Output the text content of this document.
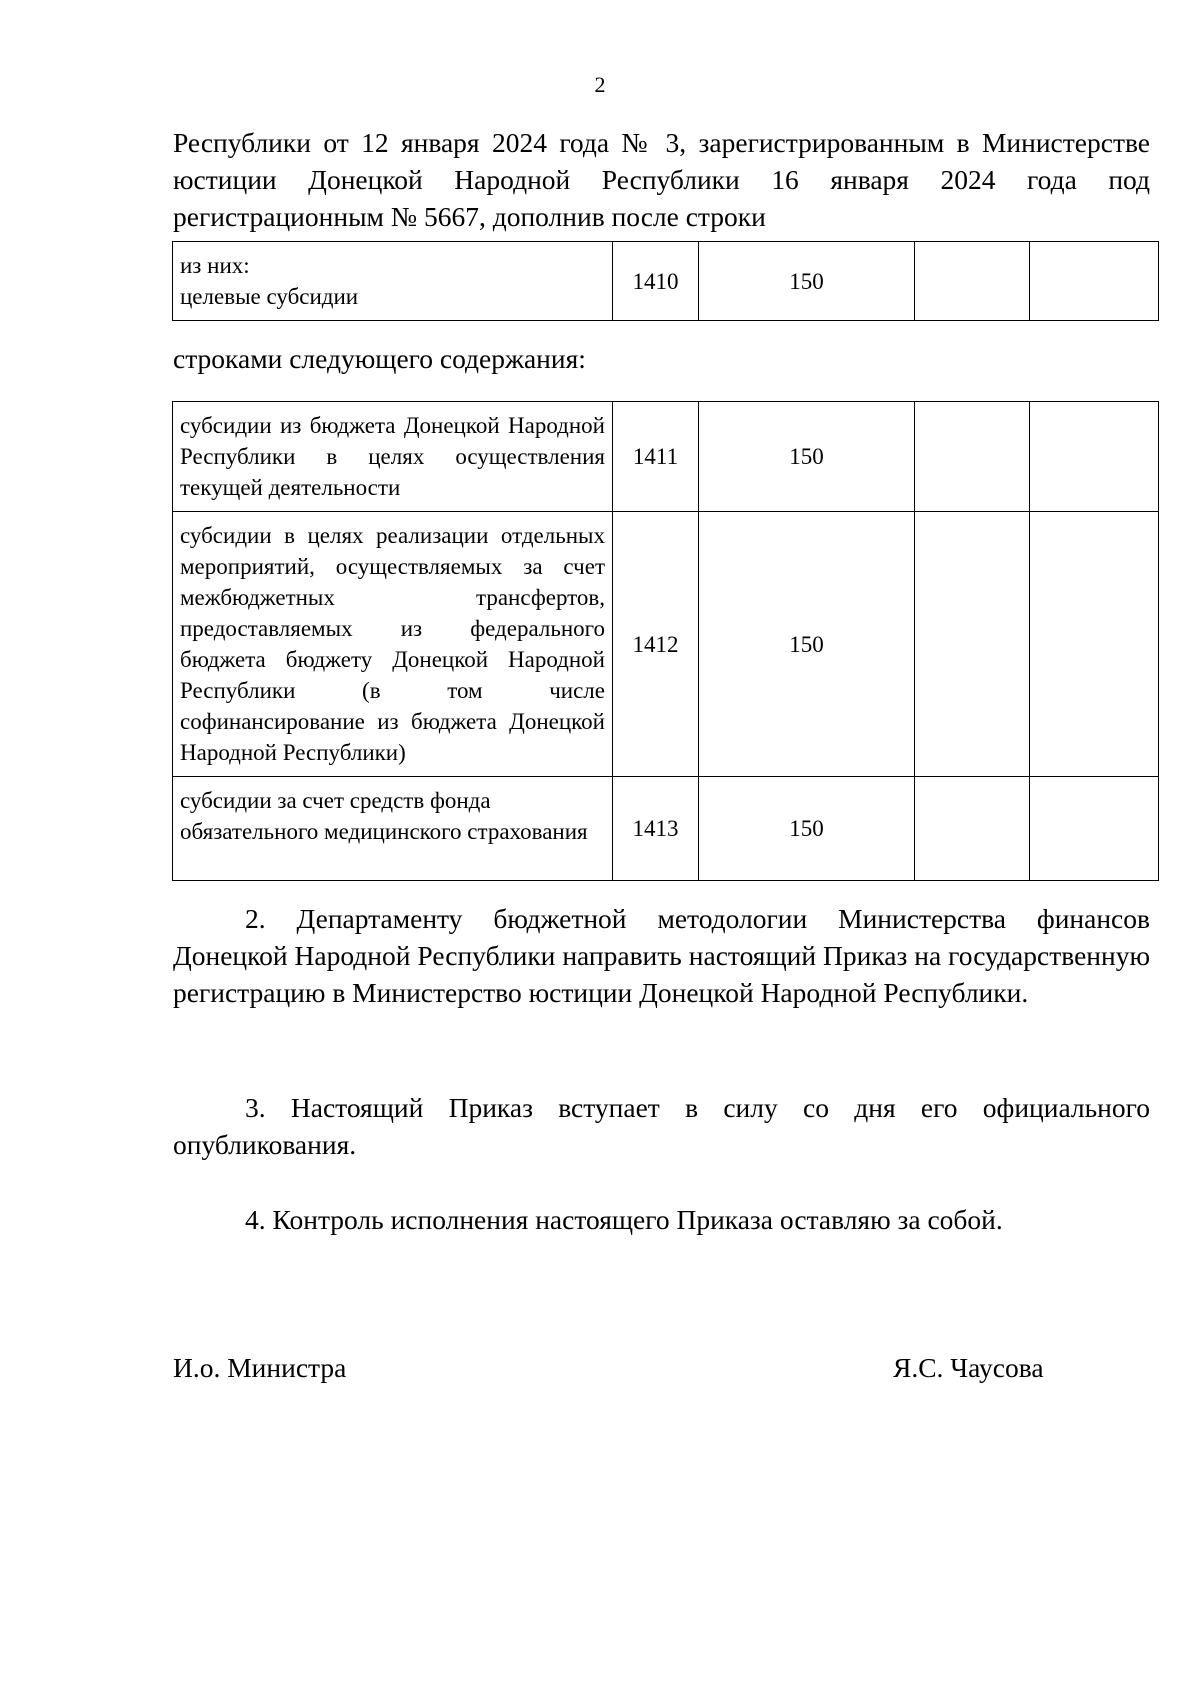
2

Республики от 12 января 2024 года № 3, зарегистрированным в Министерстве юстиции Донецкой Народной Республики 16 января 2024 года под регистрационным № 5667, дополнив после строки

из них:
целевые субсидии
	1410	150		

строками следующего содержания:

субсидии из бюджета Донецкой Народной Республики в целях осуществления текущей деятельности	1411	150		
субсидии в целях реализации отдельных мероприятий, осуществляемых за счет межбюджетных трансфертов, предоставляемых из федерального бюджета бюджету Донецкой Народной Республики (в том числе софинансирование из бюджета Донецкой Народной Республики)	1412	150		
субсидии за счет средств фонда обязательного медицинского страхования	1413	150		

2. Департаменту бюджетной методологии Министерства финансов Донецкой Народной Республики направить настоящий Приказ на государственную регистрацию в Министерство юстиции Донецкой Народной Республики.

3. Настоящий Приказ вступает в силу со дня его официального опубликования.

4. Контроль исполнения настоящего Приказа оставляю за собой.

И.о. Министра	Я.С. Чаусова
